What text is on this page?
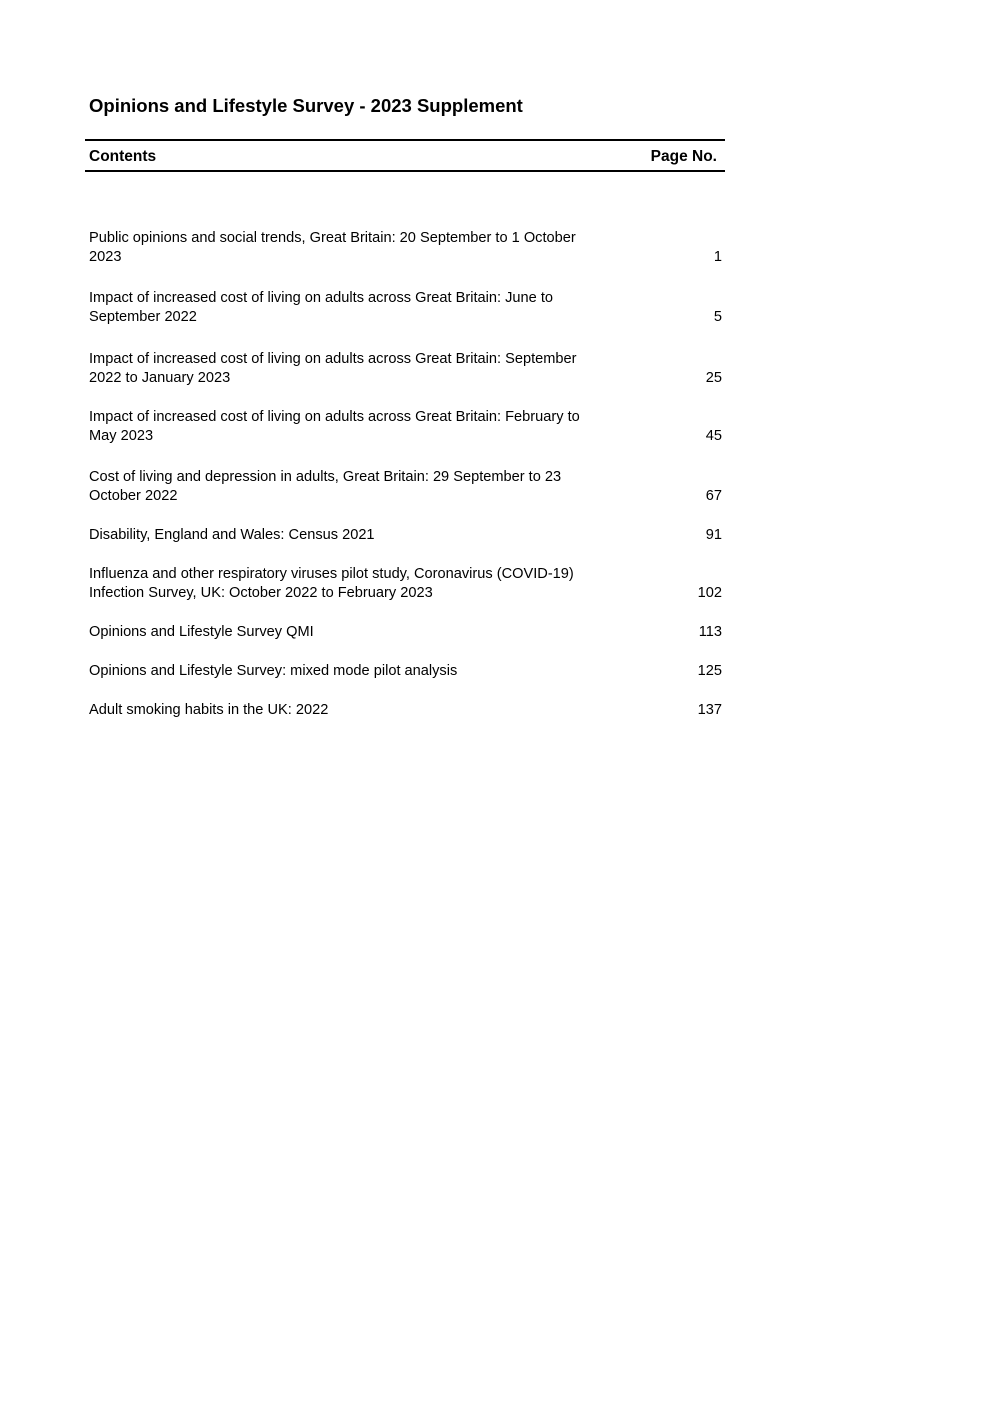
Opinions and Lifestyle Survey - 2023 Supplement
Contents	Page No.
Public opinions and social trends, Great Britain: 20 September to 1 October
2023	1
Impact of increased cost of living on adults across Great Britain: June to
September 2022	5
Impact of increased cost of living on adults across Great Britain: September
2022 to January 2023	25
Impact of increased cost of living on adults across Great Britain: February to
May 2023	45
Cost of living and depression in adults, Great Britain: 29 September to 23
October 2022	67
Disability, England and Wales: Census 2021	91
Influenza and other respiratory viruses pilot study, Coronavirus (COVID-19)
Infection Survey, UK: October 2022 to February 2023	102
Opinions and Lifestyle Survey QMI	113
Opinions and Lifestyle Survey: mixed mode pilot analysis	125
Adult smoking habits in the UK: 2022	137
